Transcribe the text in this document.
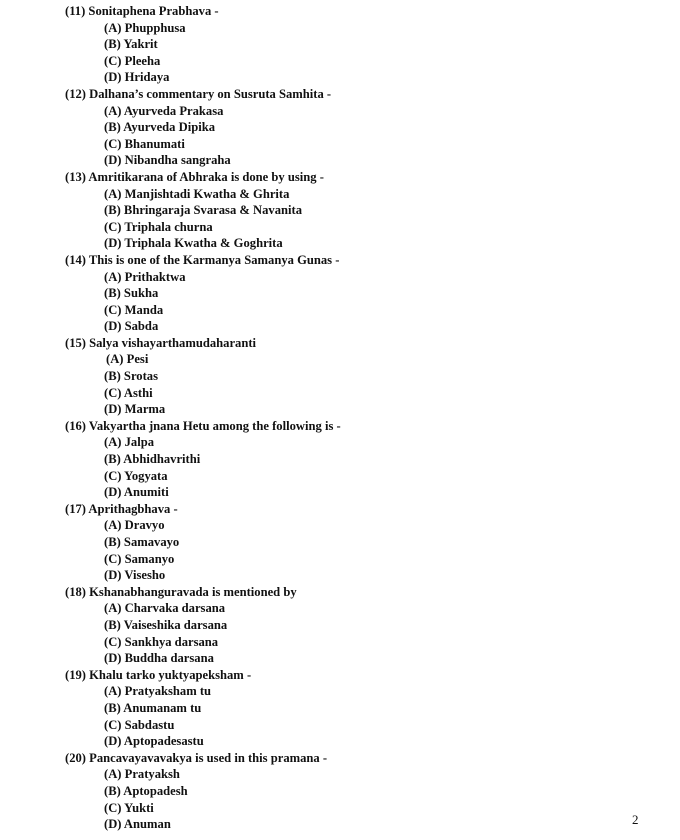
(11) Sonitaphena Prabhava -
(A) Phupphusa
(B) Yakrit
(C) Pleeha
(D) Hridaya
(12) Dalhana’s commentary on Susruta Samhita -
(A) Ayurveda Prakasa
(B) Ayurveda Dipika
(C) Bhanumati
(D) Nibandha sangraha
(13) Amritikarana of Abhraka is done by using -
(A) Manjishtadi Kwatha & Ghrita
(B) Bhringaraja Svarasa & Navanita
(C) Triphala churna
(D) Triphala Kwatha & Goghrita
(14) This is one of the Karmanya Samanya Gunas -
(A) Prithaktwa
(B) Sukha
(C) Manda
(D) Sabda
(15) Salya vishayarthamudaharanti
(A) Pesi
(B) Srotas
(C) Asthi
(D) Marma
(16) Vakyartha jnana Hetu among the following is -
(A) Jalpa
(B) Abhidhavrithi
(C) Yogyata
(D) Anumiti
(17) Aprithagbhava -
(A) Dravyo
(B) Samavayo
(C) Samanyo
(D) Visesho
(18) Kshanabhanguravada is mentioned by
(A) Charvaka darsana
(B) Vaiseshika darsana
(C) Sankhya darsana
(D) Buddha darsana
(19) Khalu tarko yuktyapeksham -
(A) Pratyaksham tu
(B) Anumanam tu
(C) Sabdastu
(D) Aptopadesastu
(20) Pancavayavavakya is used in this pramana -
(A) Pratyaksh
(B) Aptopadesh
(C) Yukti
(D) Anuman	2
